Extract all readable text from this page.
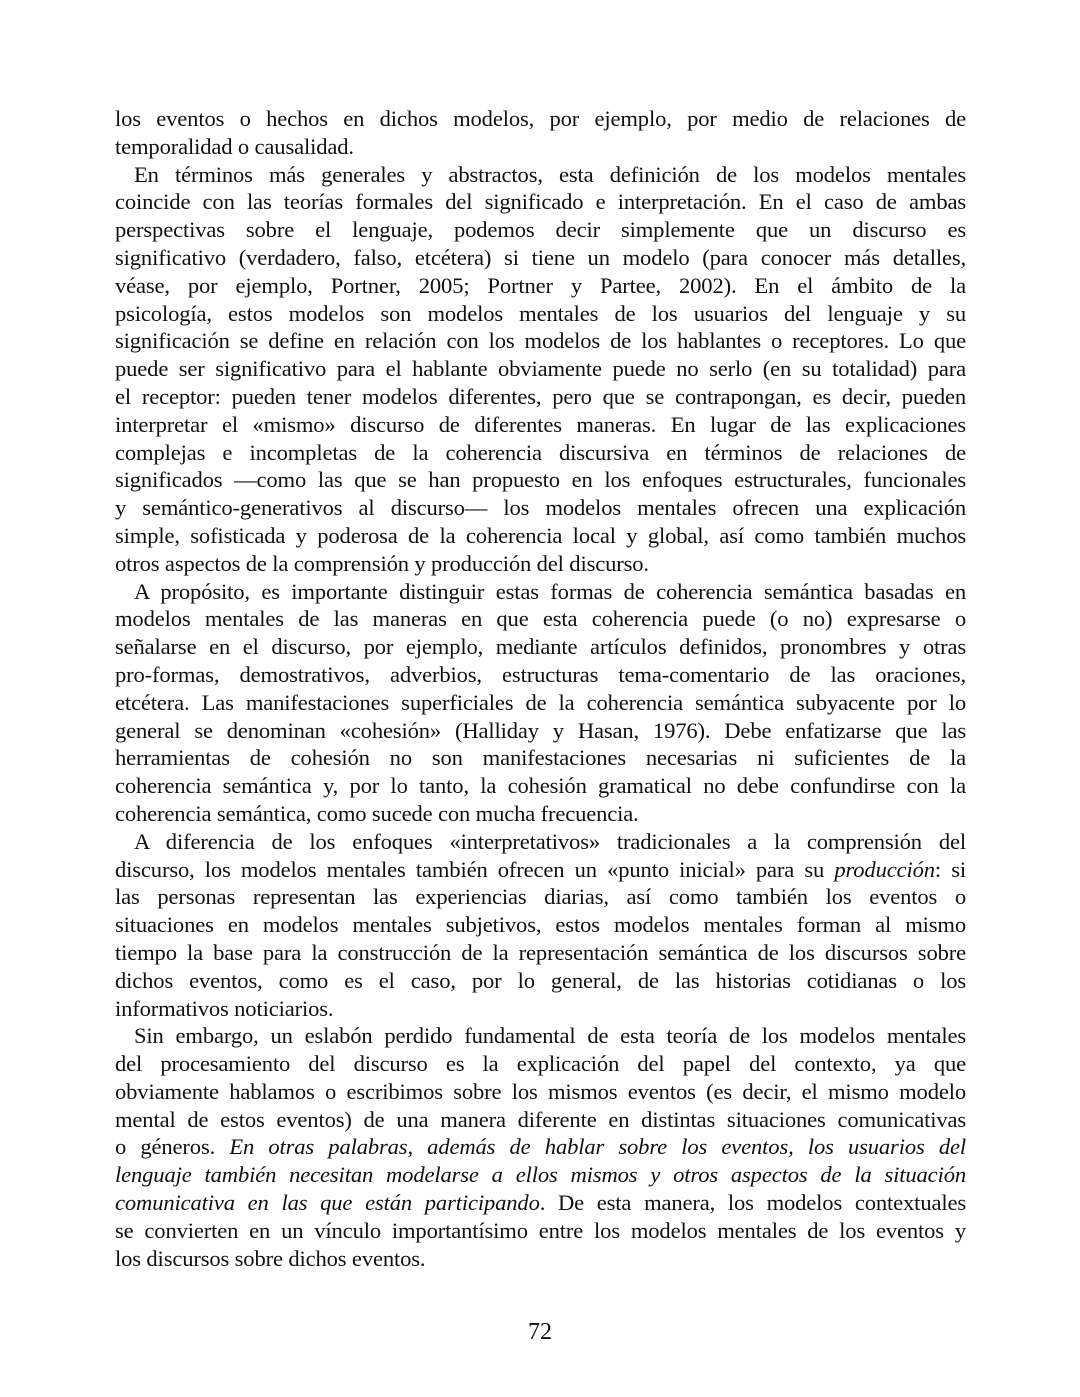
los eventos o hechos en dichos modelos, por ejemplo, por medio de relaciones de
temporalidad o causalidad.
En términos más generales y abstractos, esta definición de los modelos mentales
coincide con las teorías formales del significado e interpretación. En el caso de ambas
perspectivas sobre el lenguaje, podemos decir simplemente que un discurso es
significativo (verdadero, falso, etcétera) si tiene un modelo (para conocer más detalles,
véase, por ejemplo, Portner, 2005; Portner y Partee, 2002). En el ámbito de la
psicología, estos modelos son modelos mentales de los usuarios del lenguaje y su
significación se define en relación con los modelos de los hablantes o receptores. Lo que
puede ser significativo para el hablante obviamente puede no serlo (en su totalidad) para
el receptor: pueden tener modelos diferentes, pero que se contrapongan, es decir, pueden
interpretar el «mismo» discurso de diferentes maneras. En lugar de las explicaciones
complejas e incompletas de la coherencia discursiva en términos de relaciones de
significados —como las que se han propuesto en los enfoques estructurales, funcionales
y semántico-generativos al discurso— los modelos mentales ofrecen una explicación
simple, sofisticada y poderosa de la coherencia local y global, así como también muchos
otros aspectos de la comprensión y producción del discurso.
A propósito, es importante distinguir estas formas de coherencia semántica basadas en
modelos mentales de las maneras en que esta coherencia puede (o no) expresarse o
señalarse en el discurso, por ejemplo, mediante artículos definidos, pronombres y otras
pro-formas, demostrativos, adverbios, estructuras tema-comentario de las oraciones,
etcétera. Las manifestaciones superficiales de la coherencia semántica subyacente por lo
general se denominan «cohesión» (Halliday y Hasan, 1976). Debe enfatizarse que las
herramientas de cohesión no son manifestaciones necesarias ni suficientes de la
coherencia semántica y, por lo tanto, la cohesión gramatical no debe confundirse con la
coherencia semántica, como sucede con mucha frecuencia.
A diferencia de los enfoques «interpretativos» tradicionales a la comprensión del
discurso, los modelos mentales también ofrecen un «punto inicial» para su producción: si
las personas representan las experiencias diarias, así como también los eventos o
situaciones en modelos mentales subjetivos, estos modelos mentales forman al mismo
tiempo la base para la construcción de la representación semántica de los discursos sobre
dichos eventos, como es el caso, por lo general, de las historias cotidianas o los
informativos noticiarios.
Sin embargo, un eslabón perdido fundamental de esta teoría de los modelos mentales
del procesamiento del discurso es la explicación del papel del contexto, ya que
obviamente hablamos o escribimos sobre los mismos eventos (es decir, el mismo modelo
mental de estos eventos) de una manera diferente en distintas situaciones comunicativas
o géneros. En otras palabras, además de hablar sobre los eventos, los usuarios del
lenguaje también necesitan modelarse a ellos mismos y otros aspectos de la situación
comunicativa en las que están participando. De esta manera, los modelos contextuales
se convierten en un vínculo importantísimo entre los modelos mentales de los eventos y
los discursos sobre dichos eventos.
72
